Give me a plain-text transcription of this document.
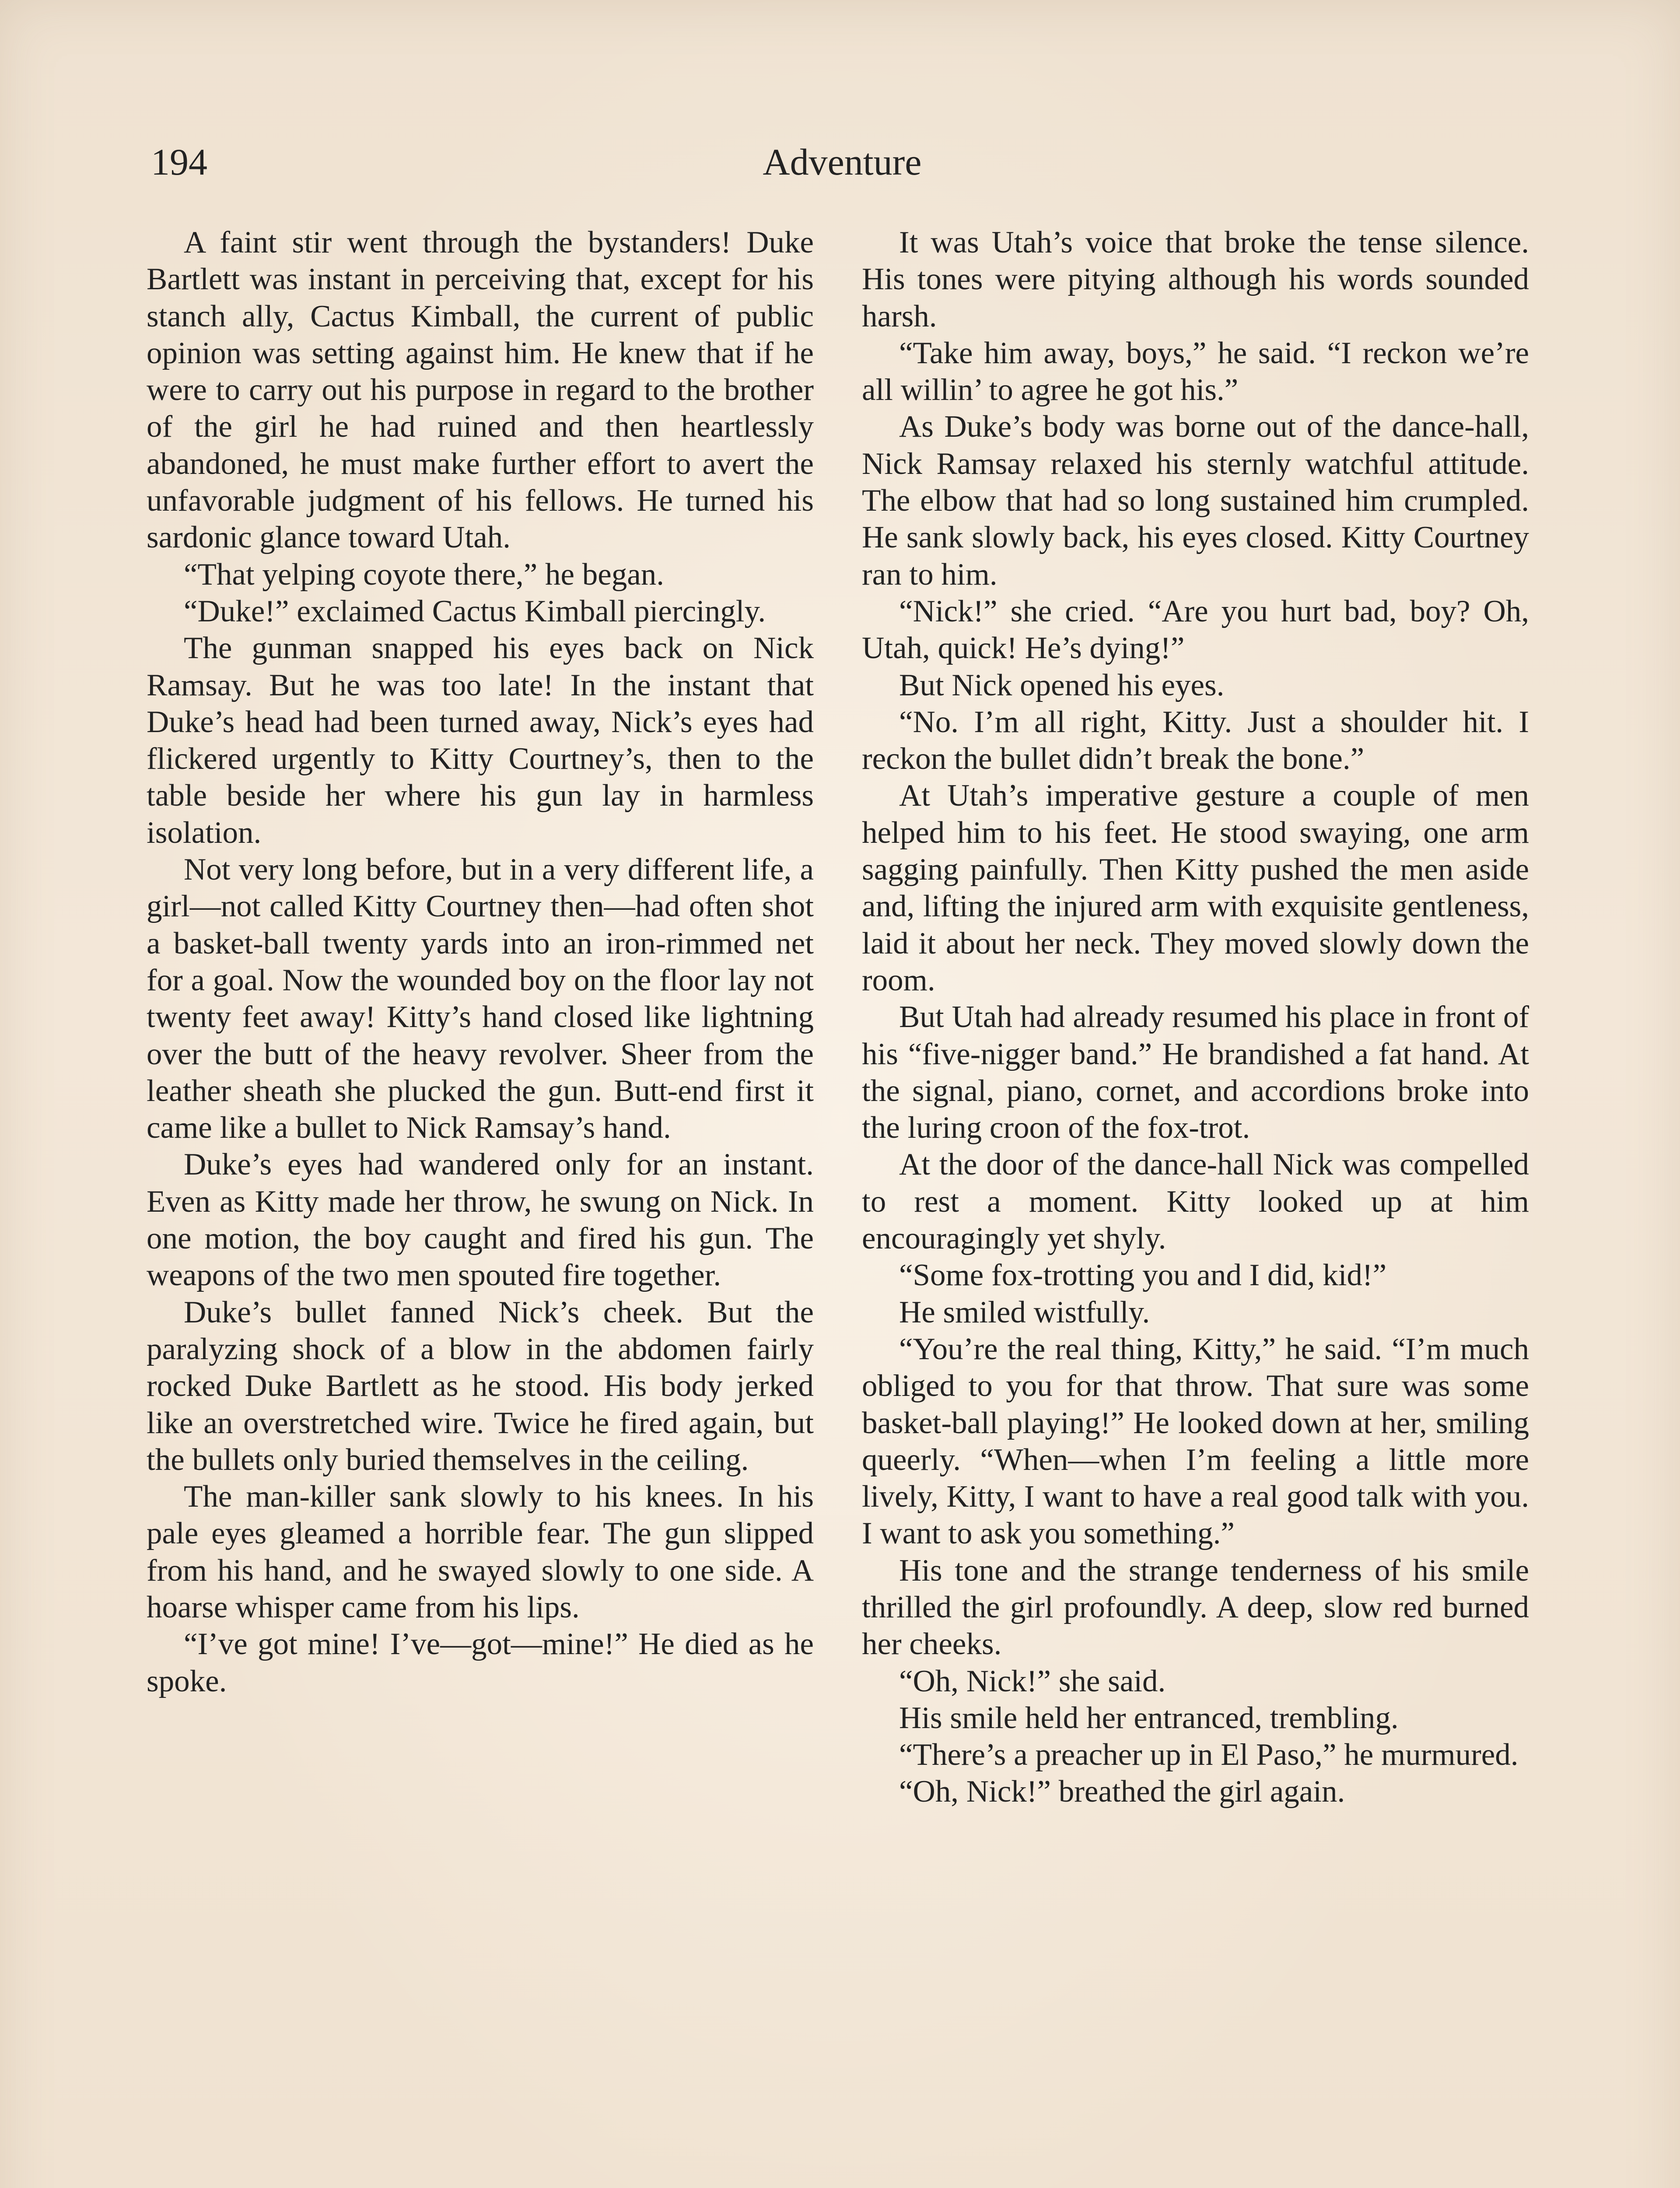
194	Adventure

A faint stir went through the bystanders! Duke Bartlett was instant in perceiving that, except for his stanch ally, Cactus Kimball, the current of public opinion was setting against him. He knew that if he were to carry out his purpose in regard to the brother of the girl he had ruined and then heartlessly abandoned, he must make further effort to avert the unfavorable judgment of his fellows. He turned his sardonic glance toward Utah.

“That yelping coyote there,” he began.

“Duke!” exclaimed Cactus Kimball piercingly.

The gunman snapped his eyes back on Nick Ramsay. But he was too late! In the instant that Duke’s head had been turned away, Nick’s eyes had flickered urgently to Kitty Courtney’s, then to the table beside her where his gun lay in harmless isolation.

Not very long before, but in a very different life, a girl—not called Kitty Courtney then—had often shot a basket-ball twenty yards into an iron-rimmed net for a goal. Now the wounded boy on the floor lay not twenty feet away! Kitty’s hand closed like lightning over the butt of the heavy revolver. Sheer from the leather sheath she plucked the gun. Butt-end first it came like a bullet to Nick Ramsay’s hand.

Duke’s eyes had wandered only for an instant. Even as Kitty made her throw, he swung on Nick. In one motion, the boy caught and fired his gun. The weapons of the two men spouted fire together.

Duke’s bullet fanned Nick’s cheek. But the paralyzing shock of a blow in the abdomen fairly rocked Duke Bartlett as he stood. His body jerked like an overstretched wire. Twice he fired again, but the bullets only buried themselves in the ceiling.

The man-killer sank slowly to his knees. In his pale eyes gleamed a horrible fear. The gun slipped from his hand, and he swayed slowly to one side. A hoarse whisper came from his lips.

“I’ve got mine! I’ve—got—mine!” He died as he spoke.

It was Utah’s voice that broke the tense silence. His tones were pitying although his words sounded harsh.

“Take him away, boys,” he said. “I reckon we’re all willin’ to agree he got his.”

As Duke’s body was borne out of the dance-hall, Nick Ramsay relaxed his sternly watchful attitude. The elbow that had so long sustained him crumpled. He sank slowly back, his eyes closed. Kitty Courtney ran to him.

“Nick!” she cried. “Are you hurt bad, boy? Oh, Utah, quick! He’s dying!”

But Nick opened his eyes.

“No. I’m all right, Kitty. Just a shoulder hit. I reckon the bullet didn’t break the bone.”

At Utah’s imperative gesture a couple of men helped him to his feet. He stood swaying, one arm sagging painfully. Then Kitty pushed the men aside and, lifting the injured arm with exquisite gentleness, laid it about her neck. They moved slowly down the room.

But Utah had already resumed his place in front of his “five-nigger band.” He brandished a fat hand. At the signal, piano, cornet, and accordions broke into the luring croon of the fox-trot.

At the door of the dance-hall Nick was compelled to rest a moment. Kitty looked up at him encouragingly yet shyly.

“Some fox-trotting you and I did, kid!”

He smiled wistfully.

“You’re the real thing, Kitty,” he said. “I’m much obliged to you for that throw. That sure was some basket-ball playing!” He looked down at her, smiling queerly. “When—when I’m feeling a little more lively, Kitty, I want to have a real good talk with you. I want to ask you something.”

His tone and the strange tenderness of his smile thrilled the girl profoundly. A deep, slow red burned her cheeks.

“Oh, Nick!” she said.

His smile held her entranced, trembling.

“There’s a preacher up in El Paso,” he murmured.

“Oh, Nick!” breathed the girl again.
